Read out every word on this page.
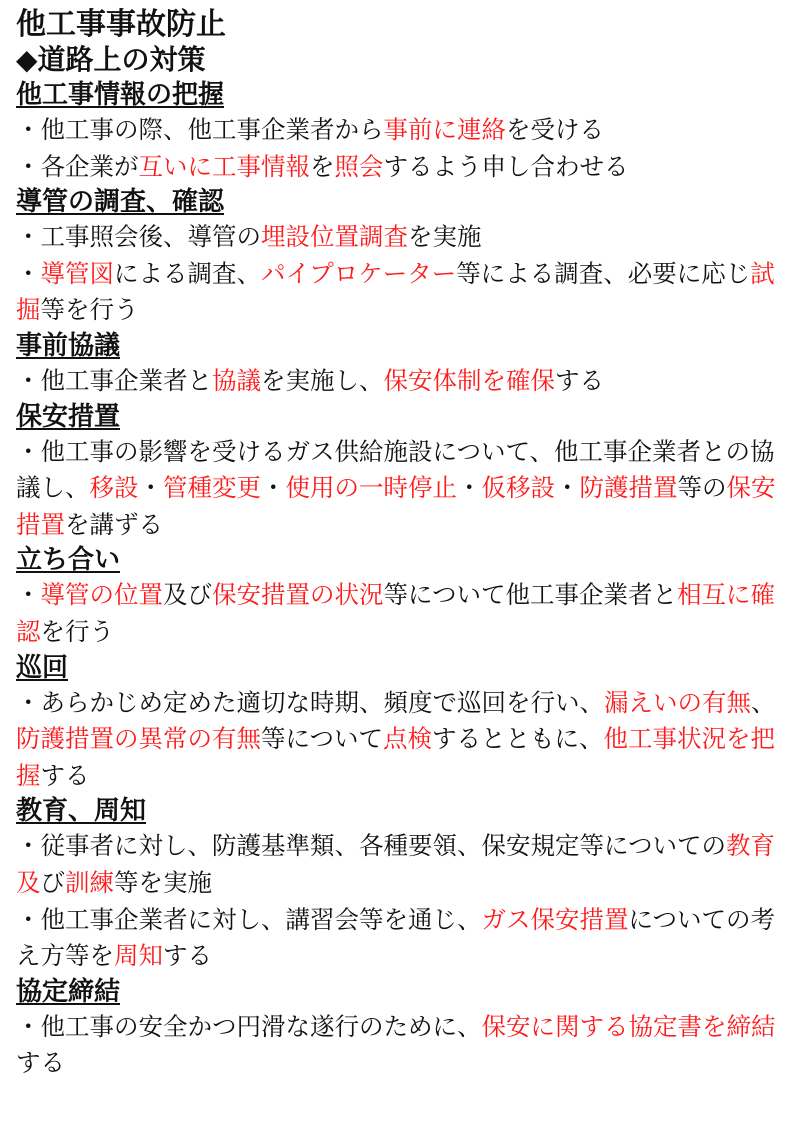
他工事事故防止
◆道路上の対策
他工事情報の把握

・他工事の際、他工事企業者から事前に連絡を受ける

・各企業が互いに工事情報を照会するよう申し合わせる

導管の調査、確認

・工事照会後、導管の埋設位置調査を実施

・導管図による調査、パイプロケーター等による調査、必要に応じ試掘等を行う

事前協議

・他工事企業者と協議を実施し、保安体制を確保する

保安措置

・他工事の影響を受けるガス供給施設について、他工事企業者との協議し、移設・管種変更・使用の一時停止・仮移設・防護措置等の保安措置を講ずる

立ち合い

・導管の位置及び保安措置の状況等について他工事企業者と相互に確認を行う

巡回

・あらかじめ定めた適切な時期、頻度で巡回を行い、漏えいの有無、防護措置の異常の有無等について点検するとともに、他工事状況を把握する

教育、周知

・従事者に対し、防護基準類、各種要領、保安規定等についての教育及び訓練等を実施

・他工事企業者に対し、講習会等を通じ、ガス保安措置についての考え方等を周知する

協定締結

・他工事の安全かつ円滑な遂行のために、保安に関する協定書を締結する
